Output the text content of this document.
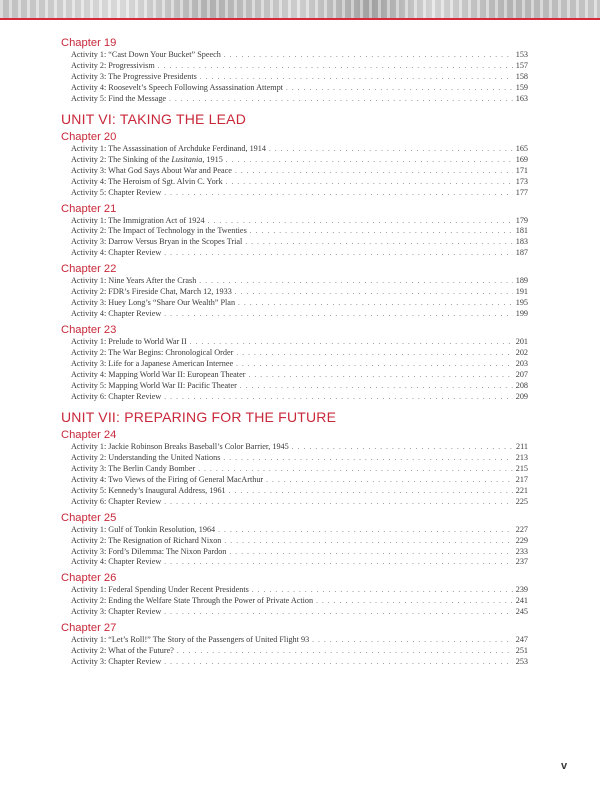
Chapter 19
Activity 1: “Cast Down Your Bucket” Speech . . .	153
Activity 2: Progressivism . . .	157
Activity 3: The Progressive Presidents . . .	158
Activity 4: Roosevelt’s Speech Following Assassination Attempt . . .	159
Activity 5: Find the Message . . .	163
UNIT VI: TAKING THE LEAD
Chapter 20
Activity 1: The Assassination of Archduke Ferdinand, 1914 . . .	165
Activity 2: The Sinking of the Lusitania, 1915 . . .	169
Activity 3: What God Says About War and Peace . . .	171
Activity 4: The Heroism of Sgt. Alvin C. York . . .	173
Activity 5: Chapter Review . . .	177
Chapter 21
Activity 1: The Immigration Act of 1924 . . .	179
Activity 2: The Impact of Technology in the Twenties . . .	181
Activity 3: Darrow Versus Bryan in the Scopes Trial . . .	183
Activity 4: Chapter Review . . .	187
Chapter 22
Activity 1: Nine Years After the Crash . . .	189
Activity 2: FDR’s Fireside Chat, March 12, 1933 . . .	191
Activity 3: Huey Long’s “Share Our Wealth” Plan . . .	195
Activity 4: Chapter Review . . .	199
Chapter 23
Activity 1: Prelude to World War II . . .	201
Activity 2: The War Begins: Chronological Order . . .	202
Activity 3: Life for a Japanese American Internee . . .	203
Activity 4: Mapping World War II: European Theater . . .	207
Activity 5: Mapping World War II: Pacific Theater . . .	208
Activity 6: Chapter Review . . .	209
UNIT VII: PREPARING FOR THE FUTURE
Chapter 24
Activity 1: Jackie Robinson Breaks Baseball’s Color Barrier, 1945 . . .	211
Activity 2: Understanding the United Nations . . .	213
Activity 3: The Berlin Candy Bomber . . .	215
Activity 4: Two Views of the Firing of General MacArthur . . .	217
Activity 5: Kennedy’s Inaugural Address, 1961 . . .	221
Activity 6: Chapter Review . . .	225
Chapter 25
Activity 1: Gulf of Tonkin Resolution, 1964 . . .	227
Activity 2: The Resignation of Richard Nixon . . .	229
Activity 3: Ford’s Dilemma: The Nixon Pardon . . .	233
Activity 4: Chapter Review . . .	237
Chapter 26
Activity 1: Federal Spending Under Recent Presidents . . .	239
Activity 2: Ending the Welfare State Through the Power of Private Action . . .	241
Activity 3: Chapter Review . . .	245
Chapter 27
Activity 1: “Let’s Roll!” The Story of the Passengers of United Flight 93 . . .	247
Activity 2: What of the Future? . . .	251
Activity 3: Chapter Review . . .	253
v
